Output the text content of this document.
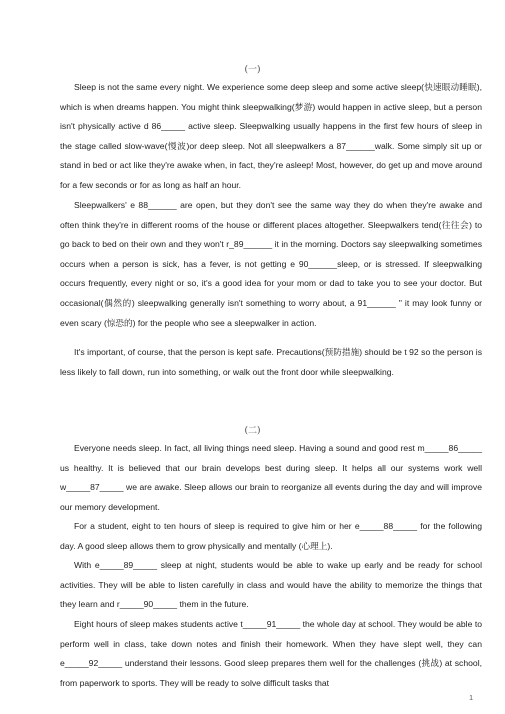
(一)

Sleep is not the same every night. We experience some deep sleep and some active sleep(快速眼动睡眠), which is when dreams happen. You might think sleepwalking(梦游) would happen in active sleep, but a person isn't physically active d 86_____ active sleep. Sleepwalking usually happens in the first few hours of sleep in the stage called slow-wave(慢波)or deep sleep. Not all sleepwalkers a 87______walk. Some simply sit up or stand in bed or act like they're awake when, in fact, they're asleep! Most, however, do get up and move around for a few seconds or for as long as half an hour.

Sleepwalkers' e 88______ are open, but they don't see the same way they do when they're awake and often think they're in different rooms of the house or different places altogether. Sleepwalkers tend(往往会) to go back to bed on their own and they won't r_89______ it in the morning. Doctors say sleepwalking sometimes occurs when a person is sick, has a fever, is not getting e 90______sleep, or is stressed. If sleepwalking occurs frequently, every night or so, it's a good idea for your mom or dad to take you to see your doctor. But occasional(偶然的) sleepwalking generally isn't something to worry about, a 91______ " it may look funny or even scary (惊恐的) for the people who see a sleepwalker in action.

It's important, of course, that the person is kept safe. Precautions(预防措施) should be t 92 so the person is less likely to fall down, run into something, or walk out the front door while sleepwalking.

(二)

Everyone needs sleep. In fact, all living things need sleep. Having a sound and good rest m_____86_____ us healthy. It is believed that our brain develops best during sleep. It helps all our systems work well w_____87_____ we are awake. Sleep allows our brain to reorganize all events during the day and will improve our memory development.

For a student, eight to ten hours of sleep is required to give him or her e_____88_____ for the following day. A good sleep allows them to grow physically and mentally (心理上).

With e_____89_____ sleep at night, students would be able to wake up early and be ready for school activities. They will be able to listen carefully in class and would have the ability to memorize the things that they learn and r_____90_____ them in the future.

Eight hours of sleep makes students active t_____91_____ the whole day at school. They would be able to perform well in class, take down notes and finish their homework. When they have slept well, they can e_____92_____ understand their lessons. Good sleep prepares them well for the challenges (挑战) at school, from paperwork to sports. They will be ready to solve difficult tasks that

1
